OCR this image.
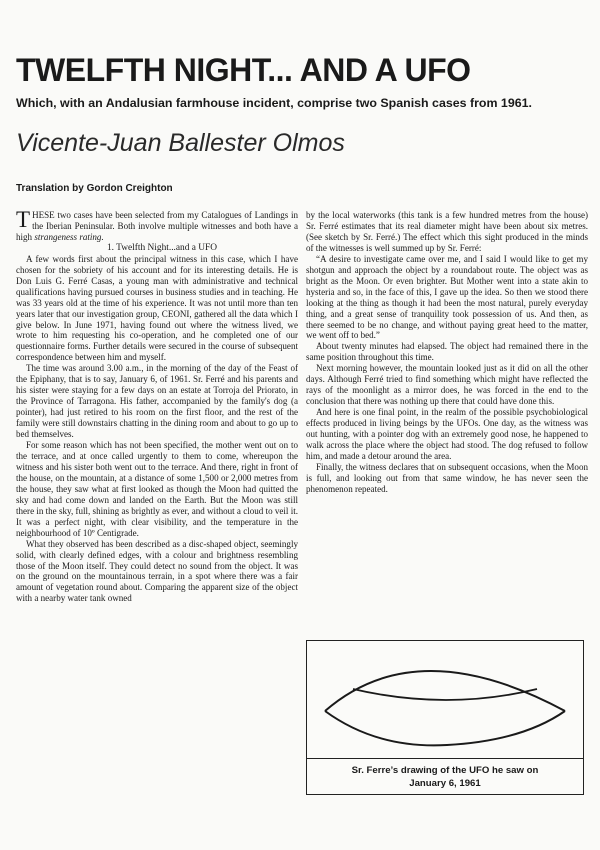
TWELFTH NIGHT... AND A UFO
Which, with an Andalusian farmhouse incident, comprise two Spanish cases from 1961.
Vicente-Juan Ballester Olmos
Translation by Gordon Creighton

THESE two cases have been selected from my Catalogues of Landings in the Iberian Peninsular. Both involve multiple witnesses and both have a high strangeness rating.

1. Twelfth Night...and a UFO

A few words first about the principal witness in this case, which I have chosen for the sobriety of his account and for its interesting details. He is Don Luis G. Ferré Casas, a young man with administrative and technical qualifications having pursued courses in business studies and in teaching. He was 33 years old at the time of his experience. It was not until more than ten years later that our investigation group, CEONI, gathered all the data which I give below. In June 1971, having found out where the witness lived, we wrote to him requesting his co-operation, and he completed one of our questionnaire forms. Further details were secured in the course of subsequent correspondence between him and myself.

The time was around 3.00 a.m., in the morning of the day of the Feast of the Epiphany, that is to say, January 6, of 1961. Sr. Ferré and his parents and his sister were staying for a few days on an estate at Torroja del Priorato, in the Province of Tarragona. His father, accompanied by the family's dog (a pointer), had just retired to his room on the first floor, and the rest of the family were still downstairs chatting in the dining room and about to go up to bed themselves.

For some reason which has not been specified, the mother went out on to the terrace, and at once called urgently to them to come, whereupon the witness and his sister both went out to the terrace. And there, right in front of the house, on the mountain, at a distance of some 1,500 or 2,000 metres from the house, they saw what at first looked as though the Moon had quitted the sky and had come down and landed on the Earth. But the Moon was still there in the sky, full, shining as brightly as ever, and without a cloud to veil it. It was a perfect night, with clear visibility, and the temperature in the neighbourhood of 10º Centigrade.

What they observed has been described as a disc-shaped object, seemingly solid, with clearly defined edges, with a colour and brightness resembling those of the Moon itself. They could detect no sound from the object. It was on the ground on the mountainous terrain, in a spot where there was a fair amount of vegetation round about. Comparing the apparent size of the object with a nearby water tank owned

by the local waterworks (this tank is a few hundred metres from the house) Sr. Ferré estimates that its real diameter might have been about six metres. (See sketch by Sr. Ferré.) The effect which this sight produced in the minds of the witnesses is well summed up by Sr. Ferré:

“A desire to investigate came over me, and I said I would like to get my shotgun and approach the object by a roundabout route. The object was as bright as the Moon. Or even brighter. But Mother went into a state akin to hysteria and so, in the face of this, I gave up the idea. So then we stood there looking at the thing as though it had been the most natural, purely everyday thing, and a great sense of tranquility took possession of us. And then, as there seemed to be no change, and without paying great heed to the matter, we went off to bed.”

About twenty minutes had elapsed. The object had remained there in the same position throughout this time.

Next morning however, the mountain looked just as it did on all the other days. Although Ferré tried to find something which might have reflected the rays of the moonlight as a mirror does, he was forced in the end to the conclusion that there was nothing up there that could have done this.

And here is one final point, in the realm of the possible psychobiological effects produced in living beings by the UFOs. One day, as the witness was out hunting, with a pointer dog with an extremely good nose, he happened to walk across the place where the object had stood. The dog refused to follow him, and made a detour around the area.

Finally, the witness declares that on subsequent occasions, when the Moon is full, and looking out from that same window, he has never seen the phenomenon repeated.

Sr. Ferre’s drawing of the UFO he saw on
January 6, 1961
